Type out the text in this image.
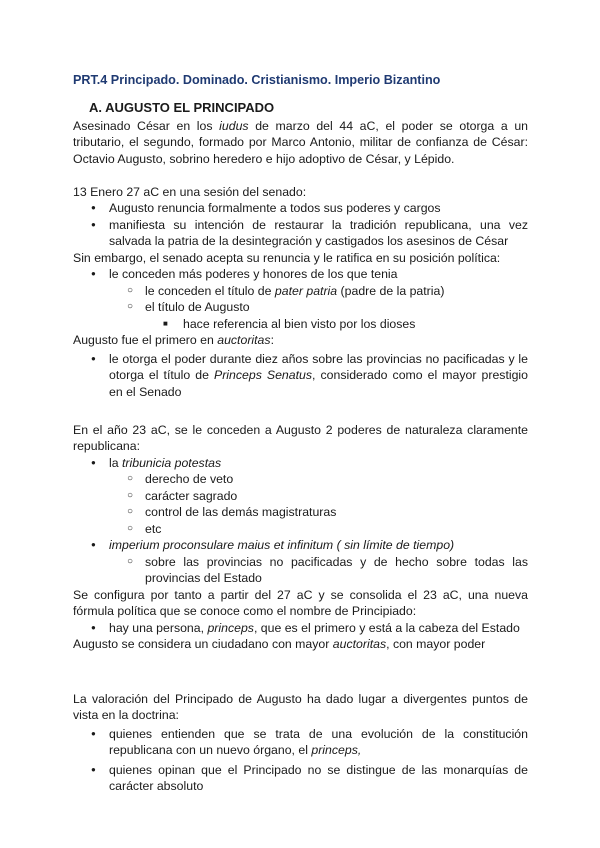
PRT.4 Principado. Dominado. Cristianismo. Imperio Bizantino
A. AUGUSTO EL PRINCIPADO

Asesinado César en los iudus de marzo del 44 aC, el poder se otorga a un tributario, el segundo, formado por Marco Antonio, militar de confianza de César: Octavio Augusto, sobrino heredero e hijo adoptivo de César, y Lépido.

13 Enero 27 aC en una sesión del senado:

● Augusto renuncia formalmente a todos sus poderes y cargos
● manifiesta su intención de restaurar la tradición republicana, una vez salvada la patria de la desintegración y castigados los asesinos de César

Sin embargo, el senado acepta su renuncia y le ratifica en su posición política:

● le conceden más poderes y honores de los que tenia
○ le conceden el título de pater patria (padre de la patria)
○ el título de Augusto
■ hace referencia al bien visto por los dioses

Augusto fue el primero en auctoritas:

● le otorga el poder durante diez años sobre las provincias no pacificadas y le otorga el título de Princeps Senatus, considerado como el mayor prestigio en el Senado

En el año 23 aC, se le conceden a Augusto 2 poderes de naturaleza claramente republicana:

● la tribunicia potestas
○ derecho de veto
○ carácter sagrado
○ control de las demás magistraturas
○ etc
● imperium proconsulare maius et infinitum ( sin límite de tiempo)
○ sobre las provincias no pacificadas y de hecho sobre todas las provincias del Estado

Se configura por tanto a partir del 27 aC y se consolida el 23 aC, una nueva fórmula política que se conoce como el nombre de Principiado:

● hay una persona, princeps, que es el primero y está a la cabeza del Estado

Augusto se considera un ciudadano con mayor auctoritas, con mayor poder

La valoración del Principado de Augusto ha dado lugar a divergentes puntos de vista en la doctrina:

● quienes entienden que se trata de una evolución de la constitución republicana con un nuevo órgano, el princeps,
● quienes opinan que el Principado no se distingue de las monarquías de carácter absoluto
